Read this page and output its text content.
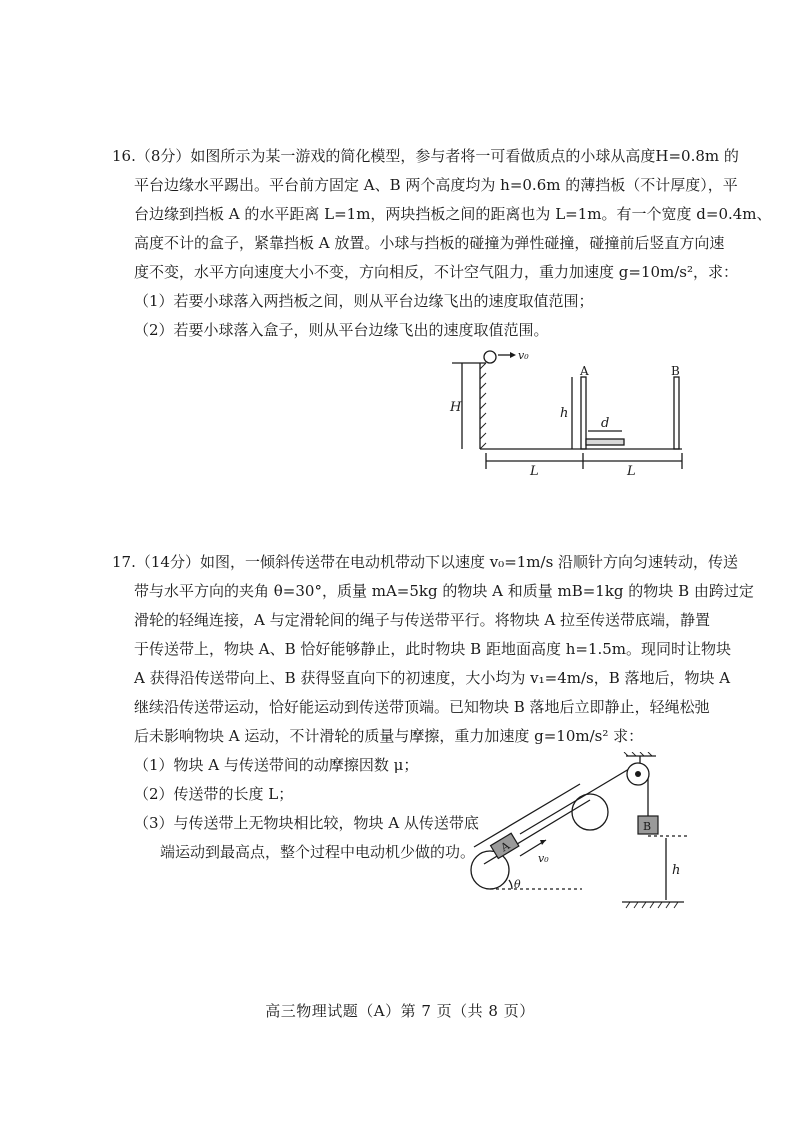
16.（8分）如图所示为某一游戏的简化模型，参与者将一可看做质点的小球从高度H=0.8m 的
平台边缘水平踢出。平台前方固定 A、B 两个高度均为 h=0.6m 的薄挡板（不计厚度），平
台边缘到挡板 A 的水平距离 L=1m，两块挡板之间的距离也为 L=1m。有一个宽度 d=0.4m、
高度不计的盒子，紧靠挡板 A 放置。小球与挡板的碰撞为弹性碰撞，碰撞前后竖直方向速
度不变，水平方向速度大小不变，方向相反，不计空气阻力，重力加速度 g=10m/s²，求：
（1）若要小球落入两挡板之间，则从平台边缘飞出的速度取值范围；
（2）若要小球落入盒子，则从平台边缘飞出的速度取值范围。
v₀
H	h
A	B
d
L	L
17.（14分）如图，一倾斜传送带在电动机带动下以速度 v₀=1m/s 沿顺针方向匀速转动，传送
带与水平方向的夹角 θ=30°，质量 mA=5kg 的物块 A 和质量 mB=1kg 的物块 B 由跨过定
滑轮的轻绳连接，A 与定滑轮间的绳子与传送带平行。将物块 A 拉至传送带底端，静置
于传送带上，物块 A、B 恰好能够静止，此时物块 B 距地面高度 h=1.5m。现同时让物块
A 获得沿传送带向上、B 获得竖直向下的初速度，大小均为 v₁=4m/s，B 落地后，物块 A
继续沿传送带运动，恰好能运动到传送带顶端。已知物块 B 落地后立即静止，轻绳松弛
后未影响物块 A 运动，不计滑轮的质量与摩擦，重力加速度 g=10m/s² 求：
（1）物块 A 与传送带间的动摩擦因数 μ；
（2）传送带的长度 L；
（3）与传送带上无物块相比较，物块 A 从传送带底
端运动到最高点，整个过程中电动机少做的功。	A
B
v₀
θ
h
高三物理试题（A）第 7 页（共 8 页）
